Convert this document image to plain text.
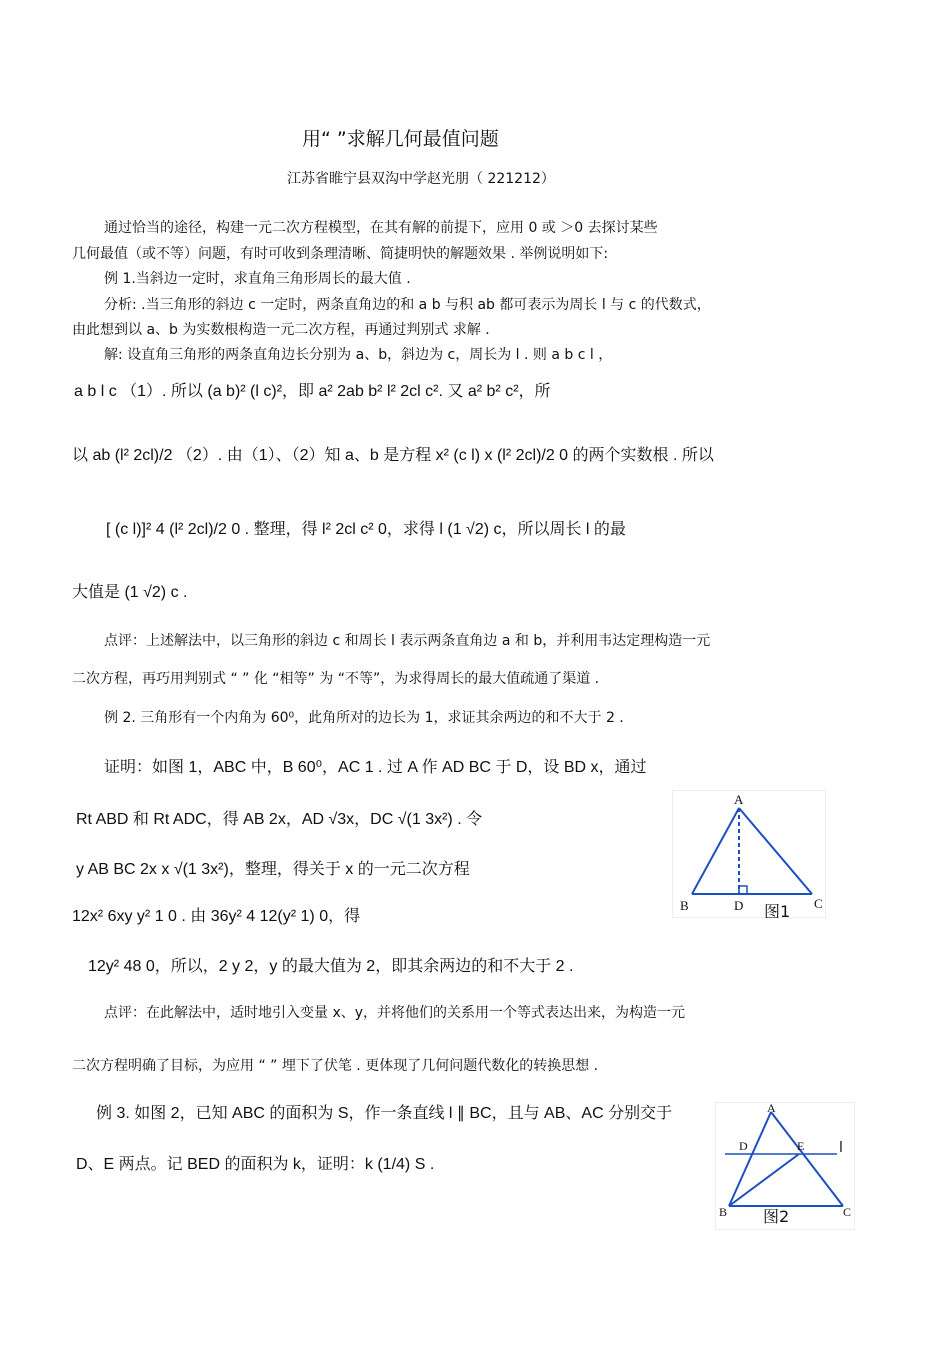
用“ ”求解几何最值问题
江苏省睢宁县双沟中学赵光朋（ 221212）
通过恰当的途径，构建一元二次方程模型，在其有解的前提下，应用 0 或 ＞0 去探讨某些
几何最值（或不等）问题，有时可收到条理清晰、简捷明快的解题效果 . 举例说明如下:
例 1.当斜边一定时，求直角三角形周长的最大值 .
分析: .当三角形的斜边 c 一定时，两条直角边的和 a b 与积 ab 都可表示为周长 l 与 c 的代数式，
由此想到以 a、b 为实数根构造一元二次方程，再通过判别式 求解 .
解: 设直角三角形的两条直角边长分别为 a、b，斜边为 c，周长为 l . 则 a b c l ，
a b l c （1）. 所以 (a b)² (l c)²，即 a² 2ab b² l² 2cl c². 又 a² b² c²，所
以 ab (l² 2cl)/2 （2）. 由（1）、（2）知 a、b 是方程 x² (c l) x (l² 2cl)/2 0 的两个实数根 . 所以
[ (c l)]² 4 (l² 2cl)/2 0 . 整理，得 l² 2cl c² 0，求得 l (1 √2) c，所以周长 l 的最
大值是 (1 √2) c .
点评：上述解法中，以三角形的斜边 c 和周长 l 表示两条直角边 a 和 b，并利用韦达定理构造一元
二次方程，再巧用判别式 “ ” 化 “相等” 为 “不等”，为求得周长的最大值疏通了渠道 .
例 2. 三角形有一个内角为 60⁰，此角所对的边长为 1，求证其余两边的和不大于 2 .
证明：如图 1，ABC 中，B 60⁰，AC 1 . 过 A 作 AD BC 于 D，设 BD x，通过
Rt ABD 和 Rt ADC，得 AB 2x，AD √3x，DC √(1 3x²) . 令
y AB BC 2x x √(1 3x²)，整理，得关于 x 的一元二次方程
12x² 6xy y² 1 0 . 由 36y² 4 12(y² 1) 0，得
12y² 48 0，所以，2 y 2，y 的最大值为 2，即其余两边的和不大于 2 .
点评：在此解法中，适时地引入变量 x、y，并将他们的关系用一个等式表达出来，为构造一元
二次方程明确了目标，为应用 “ ” 埋下了伏笔 . 更体现了几何问题代数化的转换思想 .
例 3. 如图 2，已知 ABC 的面积为 S，作一条直线 l ∥ BC，且与 AB、AC 分别交于
D、E 两点。记 BED 的面积为 k，证明：k (1/4) S .
A
B	C
D 图1
A
B	C
D	E l
图2
